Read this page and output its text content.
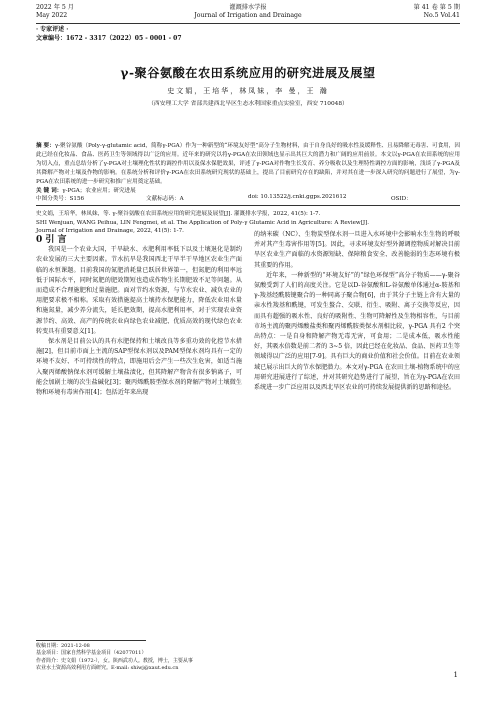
2022 年 5 月
May 2022
灌溉排水学报
Journal of Irrigation and Drainage
第 41 卷 第 5 期
No.5 Vol.41
· 专家评述 ·
文章编号：1672 - 3317（2022）05 - 0001 - 07
γ-聚谷氨酸在农田系统应用的研究进展及展望
史文娟，王培华，林凤妹，李 曼，王 瀚
（西安理工大学 省部共建西北旱区生态水利国家重点实验室，西安 710048）
摘 要：γ-聚谷氨酸（Poly-γ-glutamic acid，简称γ-PGA）作为一种新型的“环境友好型”高分子生物材料，由于自身良好的吸水性及缓释性、且易降解无毒害、可食用，因此已经在化妆品、食品、医药卫生等领域得以广泛的应用。近年来的研究以将γ-PGA在农田领域也显示出其巨大的潜力和广阔的应用前景。本文以γ-PGA在农田系统的应用为切入点，重点总结分析了γ-PGA对土壤理化性状的调控作用以及保水保肥效果，评述了γ-PGA对作物生长发育、养分吸收以及生理特性调控方面的影响，浅谈了γ-PGA及其降解产物对土壤及作物的影响。在系统分析和评价γ-PGA在农田系统研究现状的基础上，提出了目前研究存在的缺陷，并对其在进一步深入研究的问题进行了展望，为γ-PGA在农田系统的进一步研究和推广应用奠定基础。
关 键 词：γ-PGA；农业应用；研究进展
中图分类号：S156	文献标志码：A	doi: 10.13522/j.cnki.ggps.2021612	OSID：
史文娟，王培华，林凤妹，等. γ-聚谷氨酸在农田系统应用的研究进展及展望[J]. 灌溉排水学报，2022, 41(5): 1-7.
SHI Wenjuan, WANG Peihua, LIN Fengmei, et al. The Application of Poly-γ Glutamic Acid in Agriculture: A Review[J].
Journal of Irrigation and Drainage, 2022, 41(5): 1-7.

0 引 言

我国是一个农业大国，干旱缺水、水肥利用率低下以及土壤退化是制约农业发展的三大主要因素。节水抗旱是我国西北干旱半干旱地区农业生产面临的永恒课题。目前我国的氮肥消耗量已跃居世界第一，但氮肥的利用率远低于国际水平，同时氮肥的肥效期短也造成作物生长期肥效不足等问题。从而造成不合理施肥和过量施肥。面对节约水资源，与节水农业、减负农业的用肥要求极不相称。采取有效措施提高土壤持水保肥能力，降低农业用水量和施氮量，减少养分流失，延长肥效期，提高水肥利用率，对于实现农业资源节约、高效、高产的传统农业向绿色农业减肥、优质高效的现代绿色农业转变具有重要意义[1]。

保水剂是目前公认的具有水肥保持和土壤改良等多重功效的化控节水措施[2]，但目前市面上主流的SAP型保水剂以及PAM型保水剂均具有一定的环境不友好、不可持续性的特点，即施用后会产生一些次生危害，如适当施入聚丙烯酸钠保水剂可缓解土壤盐渍化，但其降解产物含有很多钠离子，可能会加剧土壤的次生盐碱化[3]；聚丙烯酰胺型保水剂的降解产物对土壤微生物和环境有毒害作用[4]；包括近年来出现

的纳米碳（NC）、生物炭型保水剂一旦进入水环境中会影响水生生物的呼吸并对其产生毒害作用等[5]。因此，寻求环境友好型外源调控物质对解决目前旱区农业生产面临的水资源短缺、保障粮食安全、改善脆弱的生态环境有极其重要的作用。

近年来，一种新型的“环境友好”的“绿色环保型”高分子物质——γ-聚谷氨酸受到了人们的高度关注。它是以D-谷氨酸和L-谷氨酸单体通过α-胺基和γ-羧基经酰胺键聚合的一种同离子聚合物[6]，由于其分子主链上含有大量的亲水性羧基和酰键，可发生螯合、交联、衍生、吸附、离子交换等反应，因而具有超强的吸水性、良好的吸附性、生物可降解性及生物相容性，与目前市场主流的聚丙烯酸盐类和聚丙烯酰胺类保水剂相比较，γ-PGA 具有2 个突出特点：一是自身和降解产物无毒无害，可食用；二是成本低，吸水性能好，其吸水倍数是前二者的 3~5 倍，因此已经在化妆品、食品、医药卫生等领域得以广泛的应用[7-9]。具有巨大的商业价值和社会价值。目前在农业领域已展示出巨大的节水保肥潜力。本文对γ-PGA 在农田土壤-植物系统中的应用研究进展进行了综述，并对其研究趋势进行了展望，旨在为γ-PGA在农田系统进一步广泛应用以及西北旱区农业的可持续发展提供新的思路和途径。

收稿日期：2021-12-08
基金项目：国家自然科学基金项目（42077011）
作者简介：史文娟（1972-），女。陕西武功人。教授，博士，主要从事
农业水土资源高效利用方面研究。E-mail: shiwj@xaut.edu.cn
1
